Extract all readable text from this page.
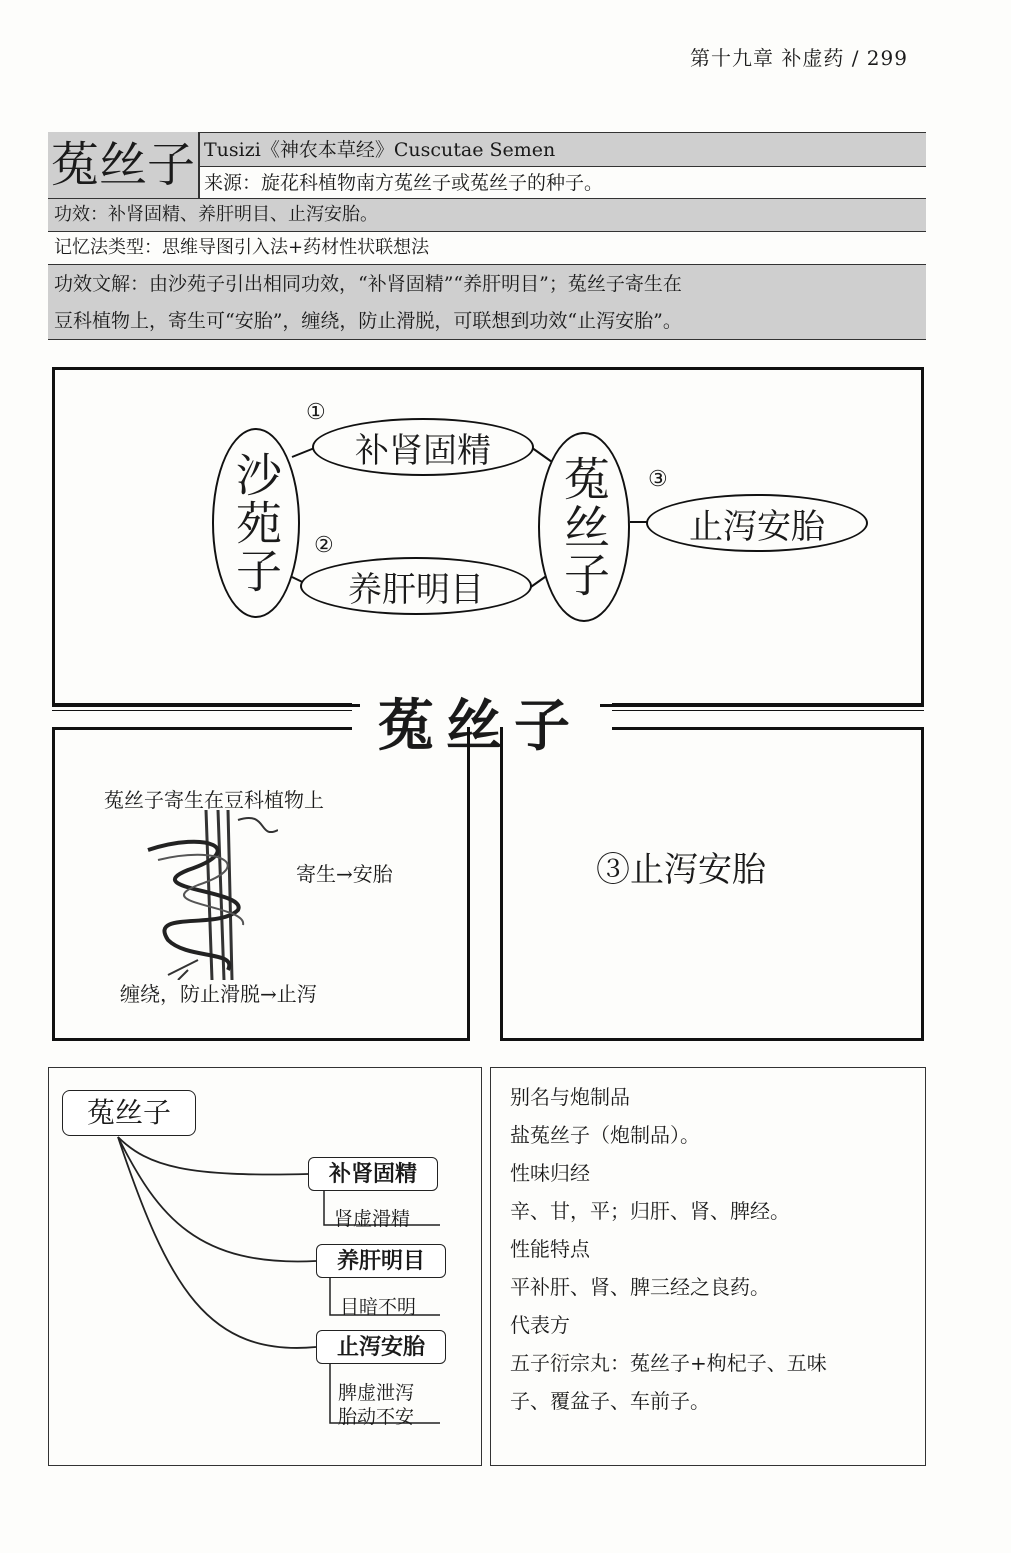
第十九章 补虚药 / 299
菟丝子 Tusizi《神农本草经》Cuscutae Semen
来源：旋花科植物南方菟丝子或菟丝子的种子。
功效：补肾固精、养肝明目、止泻安胎。
记忆法类型：思维导图引入法+药材性状联想法
功效文解：由沙苑子引出相同功效，“补肾固精”“养肝明目”；菟丝子寄生在
豆科植物上，寄生可“安胎”，缠绕，防止滑脱，可联想到功效“止泻安胎”。
沙苑子	菟丝子
①
补肾固精
②
养肝明目
③
止泻安胎
菟丝子
菟丝子寄生在豆科植物上
寄生→安胎
缠绕，防止滑脱→止泻
③止泻安胎
菟丝子
补肾固精
肾虚滑精
养肝明目
目暗不明
止泻安胎
脾虚泄泻
胎动不安
别名与炮制品
盐菟丝子（炮制品）。
性味归经
辛、甘，平；归肝、肾、脾经。
性能特点
平补肝、肾、脾三经之良药。
代表方
五子衍宗丸：菟丝子+枸杞子、五味
子、覆盆子、车前子。
